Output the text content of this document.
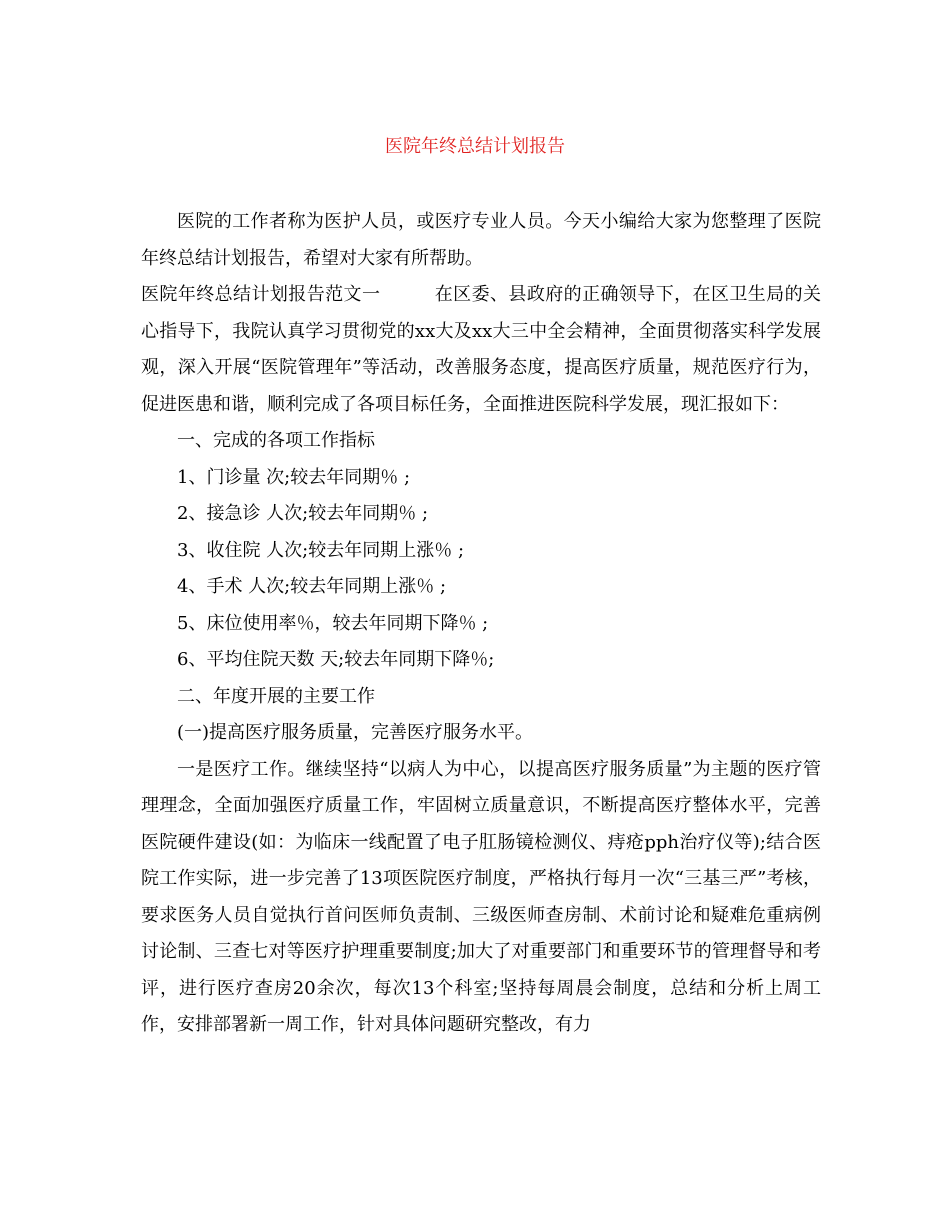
医院年终总结计划报告

医院的工作者称为医护人员，或医疗专业人员。今天小编给大家为您整理了医院年终总结计划报告，希望对大家有所帮助。

医院年终总结计划报告范文一	在区委、县政府的正确领导下，在区卫生局的关心指导下，我院认真学习贯彻党的xx大及xx大三中全会精神，全面贯彻落实科学发展观，深入开展“医院管理年”等活动，改善服务态度，提高医疗质量，规范医疗行为，促进医患和谐，顺利完成了各项目标任务，全面推进医院科学发展，现汇报如下：

一、完成的各项工作指标

1、门诊量 次;较去年同期％ ;

2、接急诊 人次;较去年同期％ ;

3、收住院 人次;较去年同期上涨％ ;

4、手术 人次;较去年同期上涨％ ;

5、床位使用率％，较去年同期下降％ ;

6、平均住院天数 天;较去年同期下降％;

二、年度开展的主要工作

(一)提高医疗服务质量，完善医疗服务水平。

一是医疗工作。继续坚持“以病人为中心，以提高医疗服务质量”为主题的医疗管理理念，全面加强医疗质量工作，牢固树立质量意识，不断提高医疗整体水平，完善医院硬件建设(如：为临床一线配置了电子肛肠镜检测仪、痔疮pph治疗仪等);结合医院工作实际，进一步完善了13项医院医疗制度，严格执行每月一次“三基三严”考核，要求医务人员自觉执行首问医师负责制、三级医师查房制、术前讨论和疑难危重病例讨论制、三查七对等医疗护理重要制度;加大了对重要部门和重要环节的管理督导和考评，进行医疗查房20余次，每次13个科室;坚持每周晨会制度，总结和分析上周工作，安排部署新一周工作，针对具体问题研究整改，有力
